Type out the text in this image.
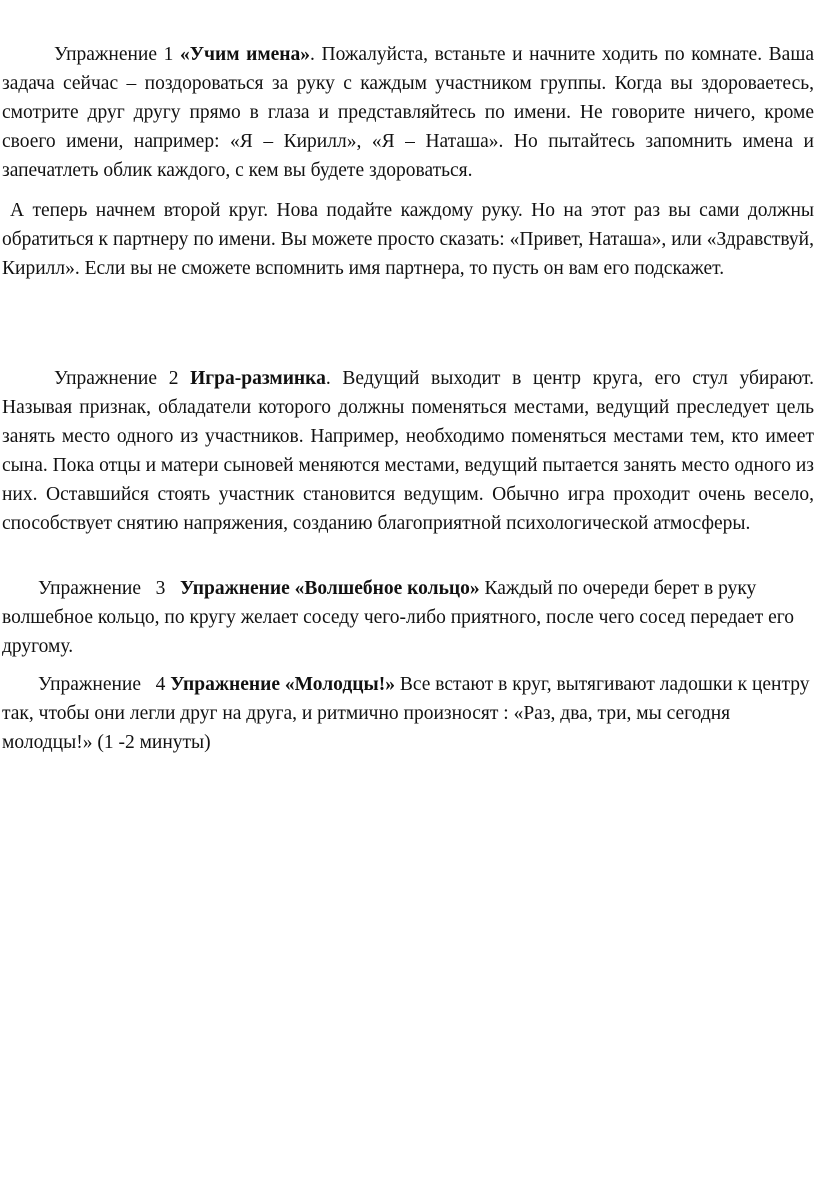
Упражнение 1 «Учим имена». Пожалуйста, встаньте и начните ходить по комнате. Ваша задача сейчас – поздороваться за руку с каждым участником группы. Когда вы здороваетесь, смотрите друг другу прямо в глаза и представляйтесь по имени. Не говорите ничего, кроме своего имени, например: «Я – Кирилл», «Я – Наташа». Но пытайтесь запомнить имена и запечатлеть облик каждого, с кем вы будете здороваться.

А теперь начнем второй круг. Нова подайте каждому руку. Но на этот раз вы сами должны обратиться к партнеру по имени. Вы можете просто сказать: «Привет, Наташа», или «Здравствуй, Кирилл». Если вы не сможете вспомнить имя партнера, то пусть он вам его подскажет.

Упражнение 2 Игра-разминка. Ведущий выходит в центр круга, его стул убирают. Называя признак, обладатели которого должны поменяться местами, ведущий преследует цель занять место одного из участников. Например, необходимо поменяться местами тем, кто имеет сына. Пока отцы и матери сыновей меняются местами, ведущий пытается занять место одного из них. Оставшийся стоять участник становится ведущим. Обычно игра проходит очень весело, способствует снятию напряжения, созданию благоприятной психологической атмосферы.

Упражнение   3   Упражнение «Волшебное кольцо» Каждый по очереди берет в руку волшебное кольцо, по кругу желает соседу чего-либо приятного, после чего сосед передает его другому.

Упражнение   4 Упражнение «Молодцы!» Все встают в круг, вытягивают ладошки к центру так, чтобы они легли друг на друга, и ритмично произносят : «Раз, два, три, мы сегодня молодцы!» (1 -2 минуты)
